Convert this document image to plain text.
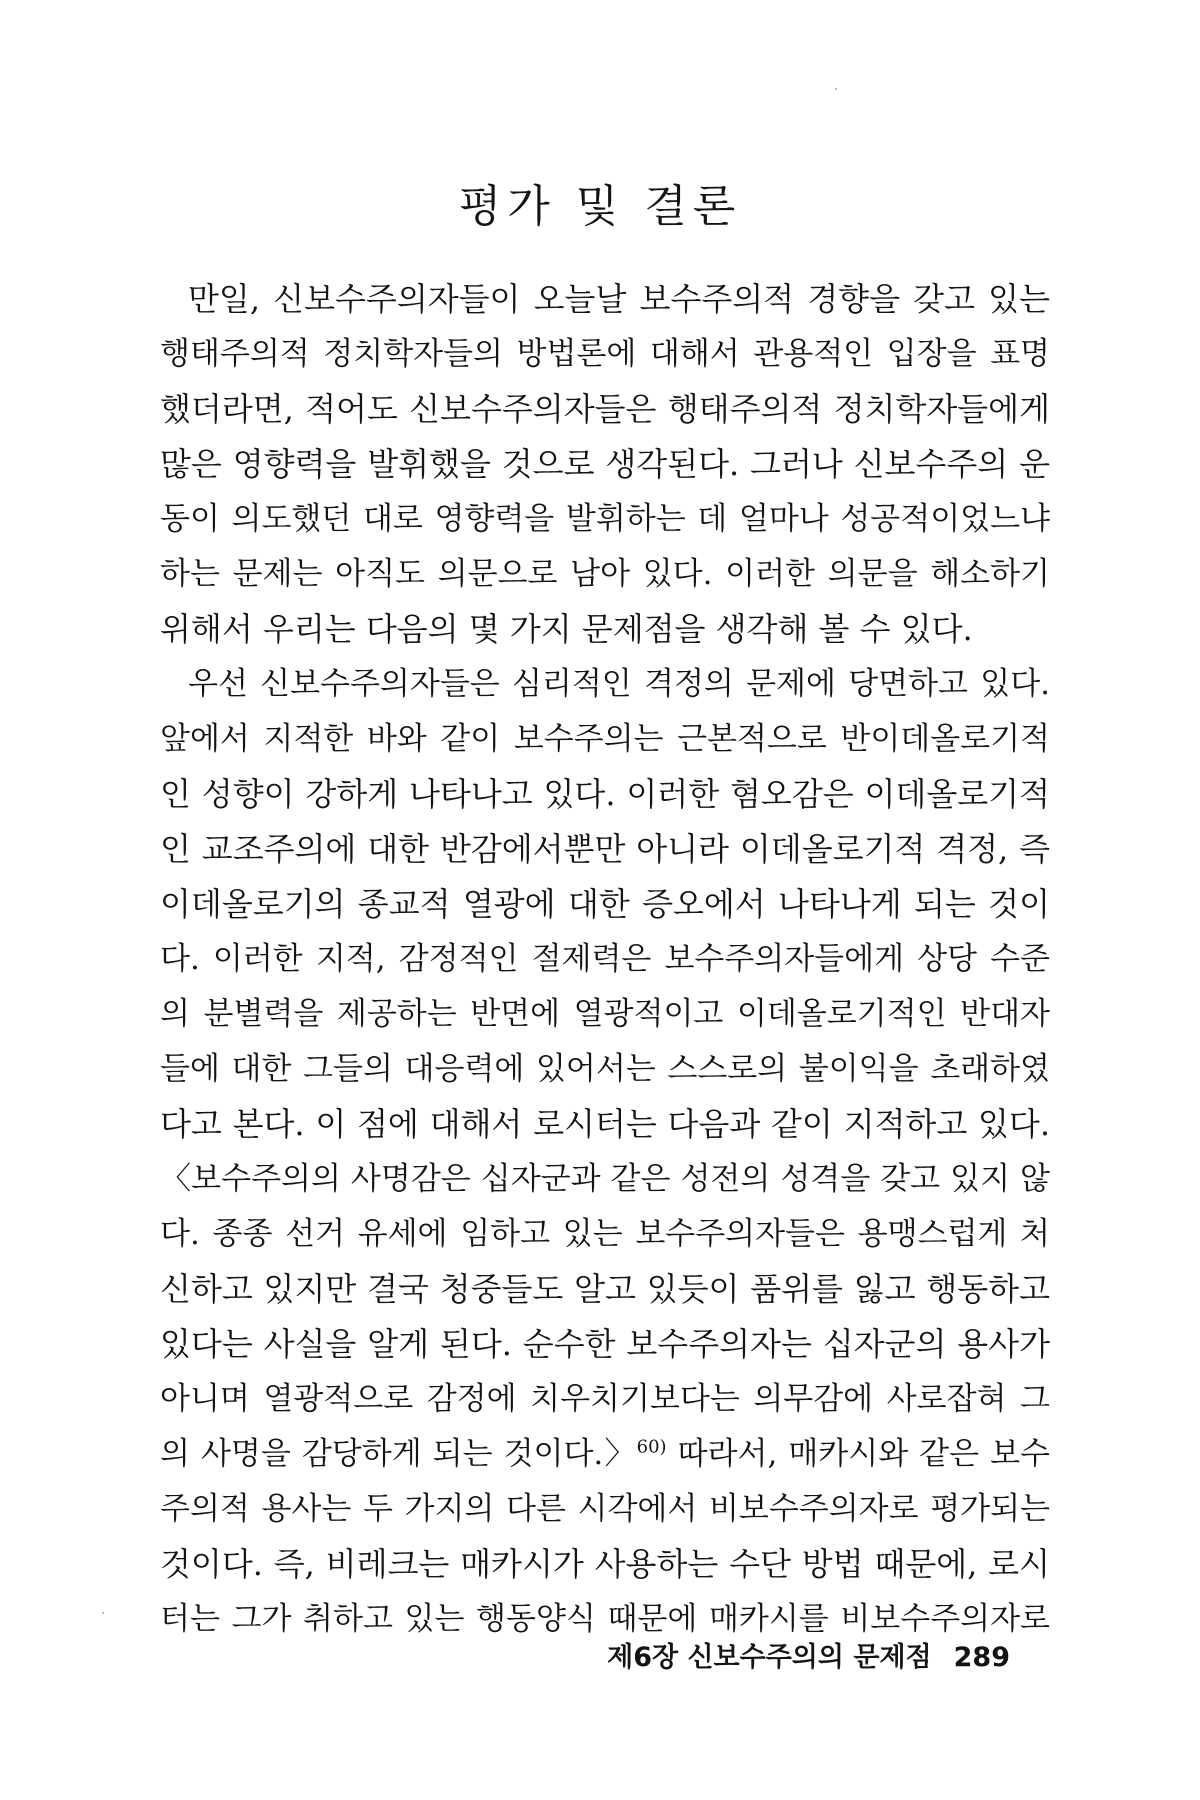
평가 및 결론
만일, 신보수주의자들이 오늘날 보수주의적 경향을 갖고 있는
행태주의적 정치학자들의 방법론에 대해서 관용적인 입장을 표명
했더라면, 적어도 신보수주의자들은 행태주의적 정치학자들에게
많은 영향력을 발휘했을 것으로 생각된다. 그러나 신보수주의 운
동이 의도했던 대로 영향력을 발휘하는 데 얼마나 성공적이었느냐
하는 문제는 아직도 의문으로 남아 있다. 이러한 의문을 해소하기
위해서 우리는 다음의 몇 가지 문제점을 생각해 볼 수 있다.
우선 신보수주의자들은 심리적인 격정의 문제에 당면하고 있다.
앞에서 지적한 바와 같이 보수주의는 근본적으로 반이데올로기적
인 성향이 강하게 나타나고 있다. 이러한 혐오감은 이데올로기적
인 교조주의에 대한 반감에서뿐만 아니라 이데올로기적 격정, 즉
이데올로기의 종교적 열광에 대한 증오에서 나타나게 되는 것이
다. 이러한 지적, 감정적인 절제력은 보수주의자들에게 상당 수준
의 분별력을 제공하는 반면에 열광적이고 이데올로기적인 반대자
들에 대한 그들의 대응력에 있어서는 스스로의 불이익을 초래하였
다고 본다. 이 점에 대해서 로시터는 다음과 같이 지적하고 있다.
〈보수주의의 사명감은 십자군과 같은 성전의 성격을 갖고 있지 않
다. 종종 선거 유세에 임하고 있는 보수주의자들은 용맹스럽게 처
신하고 있지만 결국 청중들도 알고 있듯이 품위를 잃고 행동하고
있다는 사실을 알게 된다. 순수한 보수주의자는 십자군의 용사가
아니며 열광적으로 감정에 치우치기보다는 의무감에 사로잡혀 그
의 사명을 감당하게 되는 것이다.〉$^{60)}$ 따라서, 매카시와 같은 보수
주의적 용사는 두 가지의 다른 시각에서 비보수주의자로 평가되는
것이다. 즉, 비레크는 매카시가 사용하는 수단 방법 때문에, 로시
터는 그가 취하고 있는 행동양식 때문에 매카시를 비보수주의자로
제6장 신보수주의의 문제점 289
